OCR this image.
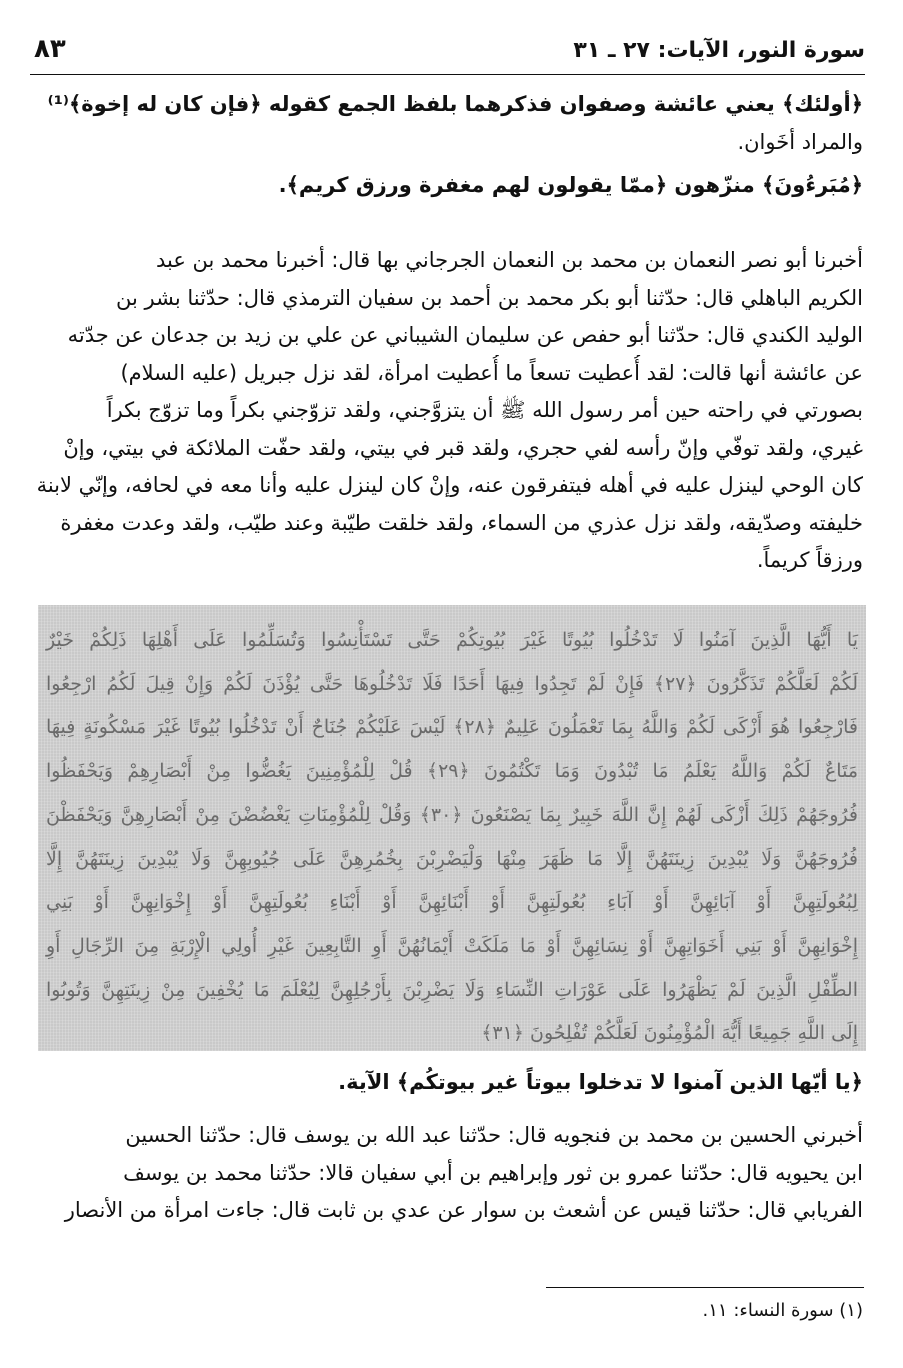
سورة النور، الآيات: ٢٧ ـ ٣١
٨٣
﴿أولئك﴾ يعني عائشة وصفوان فذكرهما بلفظ الجمع كقوله ﴿فإن كان له إخوة﴾⁽¹⁾
والمراد أخَوان.
﴿مُبَرءُونَ﴾ منزّهون ﴿ممّا يقولون لهم مغفرة ورزق كريم﴾.
أخبرنا أبو نصر النعمان بن محمد بن النعمان الجرجاني بها قال: أخبرنا محمد بن عبد
الكريم الباهلي قال: حدّثنا أبو بكر محمد بن أحمد بن سفيان الترمذي قال: حدّثنا بشر بن
الوليد الكندي قال: حدّثنا أبو حفص عن سليمان الشيباني عن علي بن زيد بن جدعان عن جدّته
عن عائشة أنها قالت: لقد أُعطيت تسعاً ما أُعطيت امرأة، لقد نزل جبريل (عليه السلام)
بصورتي في راحته حين أمر رسول الله ﷺ أن يتزوَّجني، ولقد تزوّجني بكراً وما تزوّج بكراً
غيري، ولقد توفّي وإنّ رأسه لفي حجري، ولقد قبر في بيتي، ولقد حفّت الملائكة في بيتي، وإنْ
كان الوحي لينزل عليه في أهله فيتفرقون عنه، وإنْ كان لينزل عليه وأنا معه في لحافه، وإنّي لابنة
خليفته وصدّيقه، ولقد نزل عذري من السماء، ولقد خلقت طيّبة وعند طيّب، ولقد وعدت مغفرة
ورزقاً كريماً.
يَا أَيُّهَا الَّذِينَ آمَنُوا لَا تَدْخُلُوا بُيُوتًا غَيْرَ بُيُوتِكُمْ حَتَّى تَسْتَأْنِسُوا وَتُسَلِّمُوا عَلَى أَهْلِهَا ذَلِكُمْ خَيْرٌ
لَكُمْ لَعَلَّكُمْ تَذَكَّرُونَ ﴿٢٧﴾ فَإِنْ لَمْ تَجِدُوا فِيهَا أَحَدًا فَلَا تَدْخُلُوهَا حَتَّى يُؤْذَنَ لَكُمْ وَإِنْ قِيلَ لَكُمُ ارْجِعُوا
فَارْجِعُوا هُوَ أَزْكَى لَكُمْ وَاللَّهُ بِمَا تَعْمَلُونَ عَلِيمٌ ﴿٢٨﴾ لَيْسَ عَلَيْكُمْ جُنَاحٌ أَنْ تَدْخُلُوا بُيُوتًا غَيْرَ مَسْكُونَةٍ فِيهَا
مَتَاعٌ لَكُمْ وَاللَّهُ يَعْلَمُ مَا تُبْدُونَ وَمَا تَكْتُمُونَ ﴿٢٩﴾ قُلْ لِلْمُؤْمِنِينَ يَغُضُّوا مِنْ أَبْصَارِهِمْ وَيَحْفَظُوا
فُرُوجَهُمْ ذَلِكَ أَزْكَى لَهُمْ إِنَّ اللَّهَ خَبِيرٌ بِمَا يَصْنَعُونَ ﴿٣٠﴾ وَقُلْ لِلْمُؤْمِنَاتِ يَغْضُضْنَ مِنْ أَبْصَارِهِنَّ وَيَحْفَظْنَ
فُرُوجَهُنَّ وَلَا يُبْدِينَ زِينَتَهُنَّ إِلَّا مَا ظَهَرَ مِنْهَا وَلْيَضْرِبْنَ بِخُمُرِهِنَّ عَلَى جُيُوبِهِنَّ وَلَا يُبْدِينَ زِينَتَهُنَّ إِلَّا
لِبُعُولَتِهِنَّ أَوْ آبَائِهِنَّ أَوْ آبَاءِ بُعُولَتِهِنَّ أَوْ أَبْنَائِهِنَّ أَوْ أَبْنَاءِ بُعُولَتِهِنَّ أَوْ إِخْوَانِهِنَّ أَوْ بَنِي
إِخْوَانِهِنَّ أَوْ بَنِي أَخَوَاتِهِنَّ أَوْ نِسَائِهِنَّ أَوْ مَا مَلَكَتْ أَيْمَانُهُنَّ أَوِ التَّابِعِينَ غَيْرِ أُولِي الْإِرْبَةِ مِنَ الرِّجَالِ أَوِ
الطِّفْلِ الَّذِينَ لَمْ يَظْهَرُوا عَلَى عَوْرَاتِ النِّسَاءِ وَلَا يَضْرِبْنَ بِأَرْجُلِهِنَّ لِيُعْلَمَ مَا يُخْفِينَ مِنْ زِينَتِهِنَّ وَتُوبُوا
إِلَى اللَّهِ جَمِيعًا أَيُّهَ الْمُؤْمِنُونَ لَعَلَّكُمْ تُفْلِحُونَ ﴿٣١﴾
﴿يا أيّها الذين آمنوا لا تدخلوا بيوتاً غير بيوتكُم﴾ الآية.
أخبرني الحسين بن محمد بن فنجويه قال: حدّثنا عبد الله بن يوسف قال: حدّثنا الحسين
ابن يحيويه قال: حدّثنا عمرو بن ثور وإبراهيم بن أبي سفيان قالا: حدّثنا محمد بن يوسف
الفريابي قال: حدّثنا قيس عن أشعث بن سوار عن عدي بن ثابت قال: جاءت امرأة من الأنصار
(١) سورة النساء: ١١.
